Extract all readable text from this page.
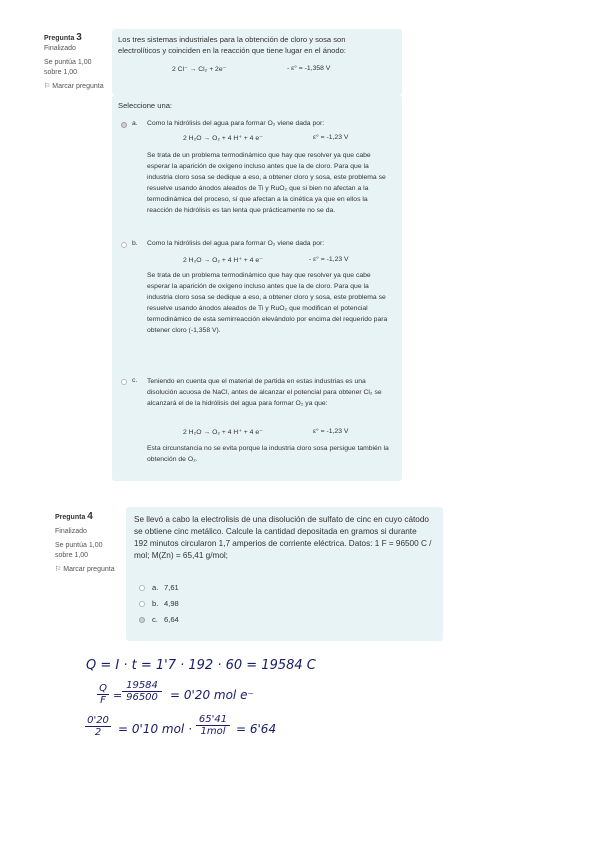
Pregunta 3
Finalizado
Se puntúa 1,00 sobre 1,00
⚐ Marcar pregunta
Los tres sistemas industriales para la obtención de cloro y sosa son electrolíticos y coinciden en la reacción que tiene lugar en el ánodo:
2 Cl⁻ → Cl₂ + 2e⁻	- ε° = -1,358 V
Seleccione una:
a. Como la hidrólisis del agua para formar O₂ viene dada por:
2 H₂O → O₂ + 4 H⁺ + 4 e⁻	ε° = -1,23 V
Se trata de un problema termodinámico que hay que resolver ya que cabe esperar la aparición de oxígeno incluso antes que la de cloro. Para que la industria cloro sosa se dedique a eso, a obtener cloro y sosa, este problema se resuelve usando ánodos aleados de Ti y RuO₂ que si bien no afectan a la termodinámica del proceso, sí que afectan a la cinética ya que en ellos la reacción de hidrólisis es tan lenta que prácticamente no se da.
b. Como la hidrólisis del agua para formar O₂ viene dada por:
2 H₂O → O₂ + 4 H⁺ + 4 e⁻	- ε° = -1,23 V
Se trata de un problema termodinámico que hay que resolver ya que cabe esperar la aparición de oxígeno incluso antes que la de cloro. Para que la industria cloro sosa se dedique a eso, a obtener cloro y sosa, este problema se resuelve usando ánodos aleados de Ti y RuO₂ que modifican el potencial termodinámico de esta semirreacción elevándolo por encima del requerido para obtener cloro (-1,358 V).
c. Teniendo en cuenta que el material de partida en estas industrias es una disolución acuosa de NaCl, antes de alcanzar el potencial para obtener Cl₂ se alcanzará el de la hidrólisis del agua para formar O₂ ya que:
2 H₂O → O₂ + 4 H⁺ + 4 e⁻	ε° = -1,23 V
Esta circunstancia no se evita porque la industria cloro sosa persigue también la obtención de O₂.
Pregunta 4
Finalizado
Se puntúa 1,00 sobre 1,00
⚐ Marcar pregunta
Se llevó a cabo la electrolisis de una disolución de sulfato de cinc en cuyo cátodo se obtiene cinc metálico. Calcule la cantidad depositada en gramos si durante 192 minutos circularon 1,7 amperios de corriente eléctrica. Datos: 1 F = 96500 C / mol; M(Zn) = 65,41 g/mol;
a. 7,61
b. 4,98
c. 6,64
Q = I · t = 1'7 · 192 · 60 = 19584 C
Q
F =
19584
96500	= 0'20 mol e⁻
0'20
2	= 0'10 mol ·
65'41
1mol = 6'64
